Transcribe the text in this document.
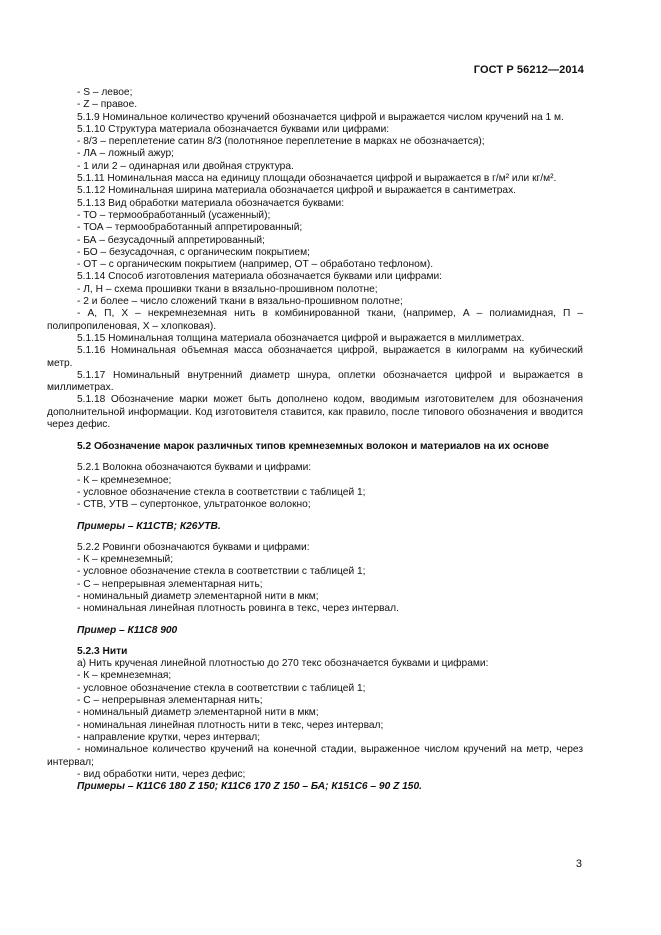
ГОСТ Р 56212—2014

- S – левое;

- Z – правое.

5.1.9 Номинальное количество кручений обозначается цифрой и выражается числом кручений на 1 м.

5.1.10 Структура материала обозначается буквами или цифрами:

- 8/3 – переплетение сатин 8/3 (полотняное переплетение в марках не обозначается);

- ЛА – ложный ажур;

- 1 или 2 – одинарная или двойная структура.

5.1.11 Номинальная масса на единицу площади обозначается цифрой и выражается в г/м² или кг/м².

5.1.12 Номинальная ширина материала обозначается цифрой и выражается в сантиметрах.

5.1.13 Вид обработки материала обозначается буквами:

- ТО – термообработанный (усаженный);

- ТОА – термообработанный аппретированный;

- БА – безусадочный аппретированный;

- БО – безусадочная, с органическим покрытием;

- ОТ – с органическим покрытием (например, ОТ – обработано тефлоном).

5.1.14 Способ изготовления материала обозначается буквами или цифрами:

- Л, Н – схема прошивки ткани в вязально-прошивном полотне;

- 2 и более – число сложений ткани в вязально-прошивном полотне;

- А, П, Х – некремнеземная нить в комбинированной ткани, (например, А – полиамидная, П – полипропиленовая, Х – хлопковая).

5.1.15 Номинальная толщина материала обозначается цифрой и выражается в миллиметрах.

5.1.16 Номинальная объемная масса обозначается цифрой, выражается в килограмм на кубический метр.

5.1.17 Номинальный внутренний диаметр шнура, оплетки обозначается цифрой и выражается в миллиметрах.

5.1.18 Обозначение марки может быть дополнено кодом, вводимым изготовителем для обозначения дополнительной информации. Код изготовителя ставится, как правило, после типового обозначения и вводится через дефис.

5.2 Обозначение марок различных типов кремнеземных волокон и материалов на их основе

5.2.1 Волокна обозначаются буквами и цифрами:

- К – кремнеземное;

- условное обозначение стекла в соответствии с таблицей 1;

- СТВ, УТВ – супертонкое, ультратонкое волокно;

Примеры – К11СТВ; К26УТВ.

5.2.2 Ровинги обозначаются буквами и цифрами:

- К – кремнеземный;

- условное обозначение стекла в соответствии с таблицей 1;

- С – непрерывная элементарная нить;

- номинальный диаметр элементарной нити в мкм;

- номинальная линейная плотность ровинга в текс, через интервал.

Пример – К11С8 900

5.2.3 Нити

а) Нить крученая линейной плотностью до 270 текс обозначается буквами и цифрами:

- К – кремнеземная;

- условное обозначение стекла в соответствии с таблицей 1;

- С – непрерывная элементарная нить;

- номинальный диаметр элементарной нити в мкм;

- номинальная линейная плотность нити в текс, через интервал;

- направление крутки, через интервал;

- номинальное количество кручений на конечной стадии, выраженное числом кручений на метр, через интервал;

- вид обработки нити, через дефис;

Примеры – К11С6 180 Z 150; К11С6 170 Z 150 – БА; К151С6 – 90 Z 150.

3
